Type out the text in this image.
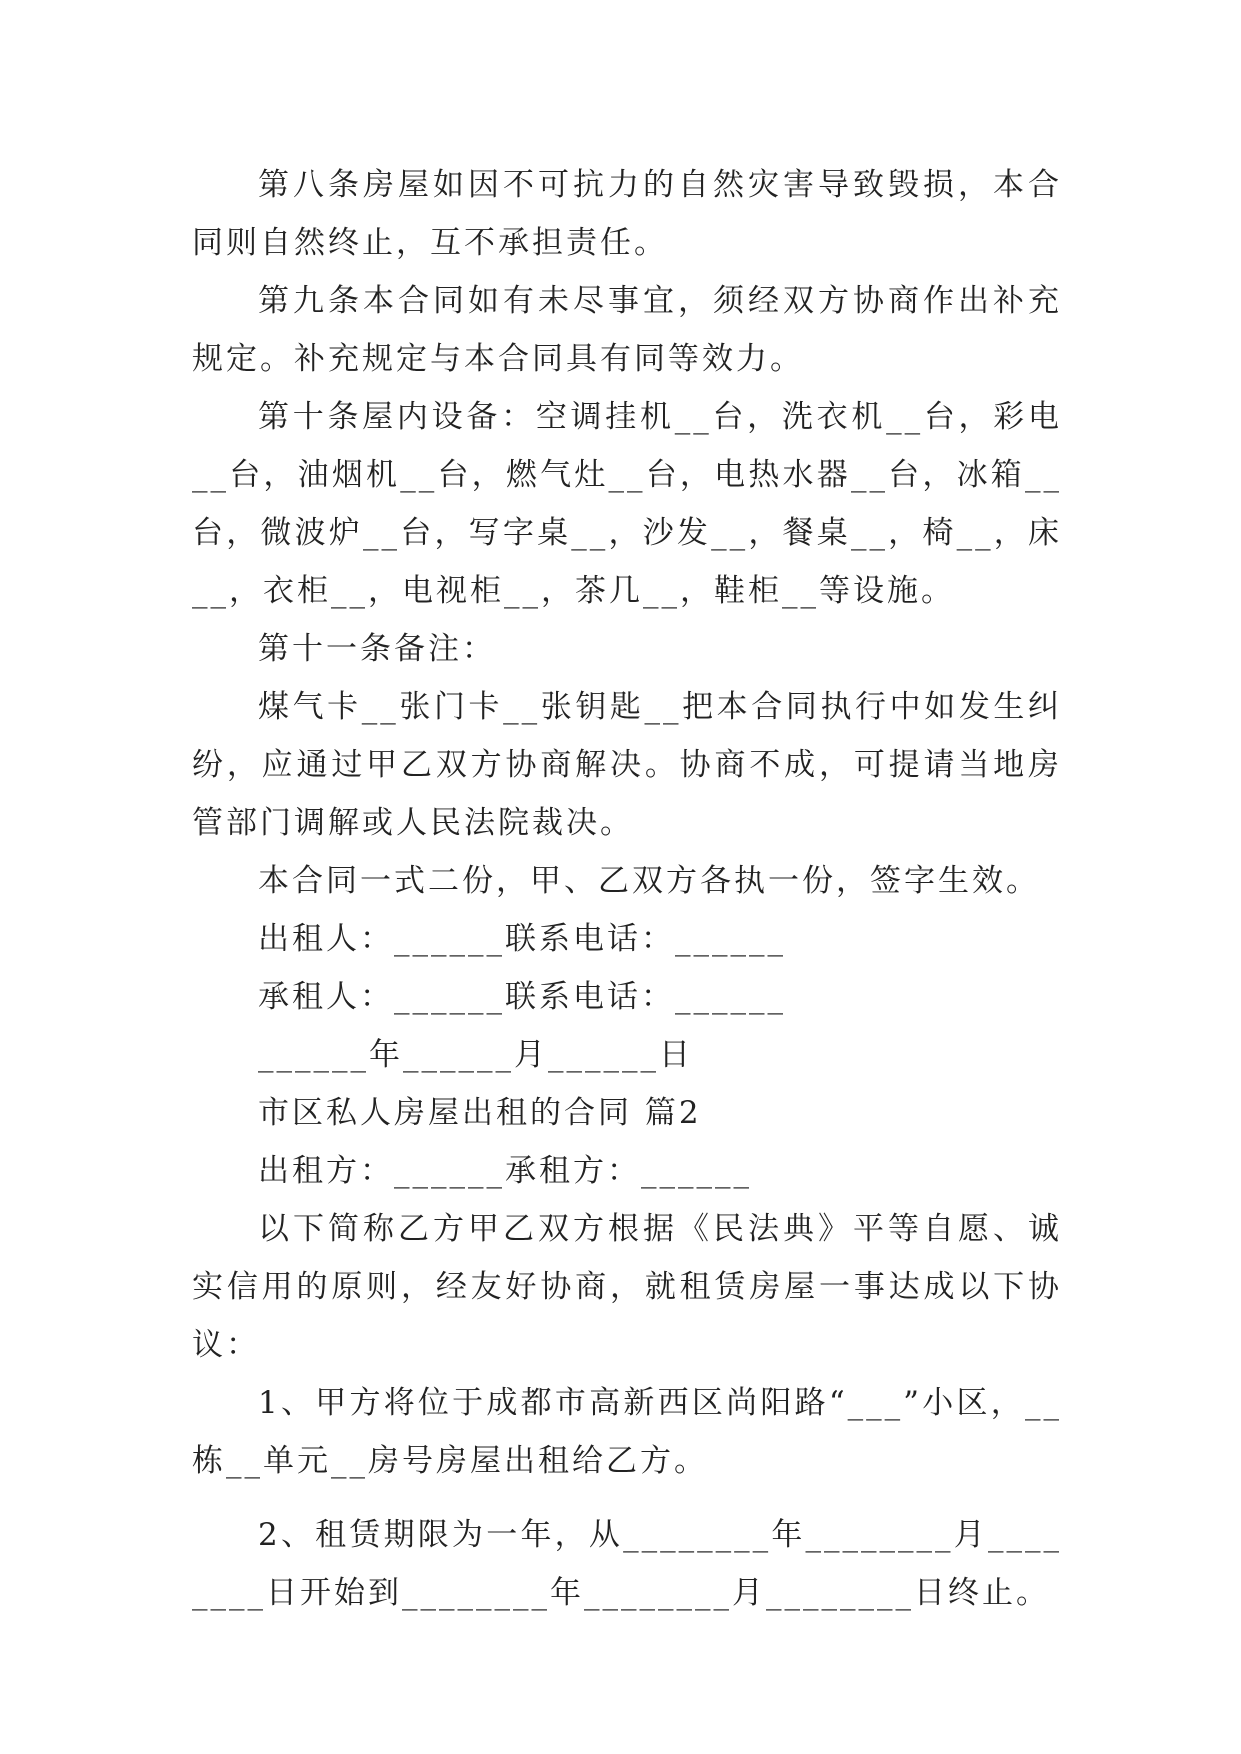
第八条房屋如因不可抗力的自然灾害导致毁损，本合同则自然终止，互不承担责任。

第九条本合同如有未尽事宜，须经双方协商作出补充规定。补充规定与本合同具有同等效力。

第十条屋内设备：空调挂机__台，洗衣机__台，彩电__台，油烟机__台，燃气灶__台，电热水器__台，冰箱__台，微波炉__台，写字桌__，沙发__，餐桌__，椅__，床__，衣柜__，电视柜__，茶几__，鞋柜__等设施。

第十一条备注：

煤气卡__张门卡__张钥匙__把本合同执行中如发生纠纷，应通过甲乙双方协商解决。协商不成，可提请当地房管部门调解或人民法院裁决。

本合同一式二份，甲、乙双方各执一份，签字生效。

出租人：______联系电话：______

承租人：______联系电话：______

______年______月______日

市区私人房屋出租的合同 篇2

出租方：______承租方：______

以下简称乙方甲乙双方根据《民法典》平等自愿、诚实信用的原则，经友好协商，就租赁房屋一事达成以下协议：

1、甲方将位于成都市高新西区尚阳路“___”小区，__栋__单元__房号房屋出租给乙方。

2、租赁期限为一年，从________年________月________日开始到________年________月________日终止。
